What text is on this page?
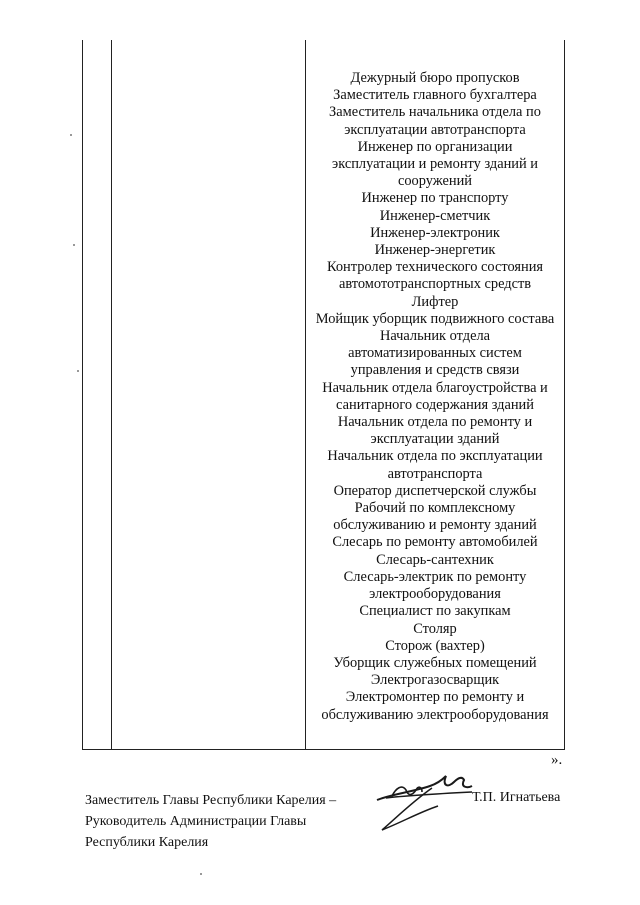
Дежурный бюро пропусков
Заместитель главного бухгалтера
Заместитель начальника отдела по
эксплуатации автотранспорта
Инженер по организации
эксплуатации и ремонту зданий и
сооружений
Инженер по транспорту
Инженер-сметчик
Инженер-электроник
Инженер-энергетик
Контролер технического состояния
автомототранспортных средств
Лифтер
Мойщик уборщик подвижного состава
Начальник отдела
автоматизированных систем
управления и средств связи
Начальник отдела благоустройства и
санитарного содержания зданий
Начальник отдела по ремонту и
эксплуатации зданий
Начальник отдела по эксплуатации
автотранспорта
Оператор диспетчерской службы
Рабочий по комплексному
обслуживанию и ремонту зданий
Слесарь по ремонту автомобилей
Слесарь-сантехник
Слесарь-электрик по ремонту
электрооборудования
Специалист по закупкам
Столяр
Сторож (вахтер)
Уборщик служебных помещений
Электрогазосварщик
Электромонтер по ремонту и
обслуживанию электрооборудования
».
Заместитель Главы Республики Карелия –
Руководитель Администрации Главы
Республики Карелия
Т.П. Игнатьева
